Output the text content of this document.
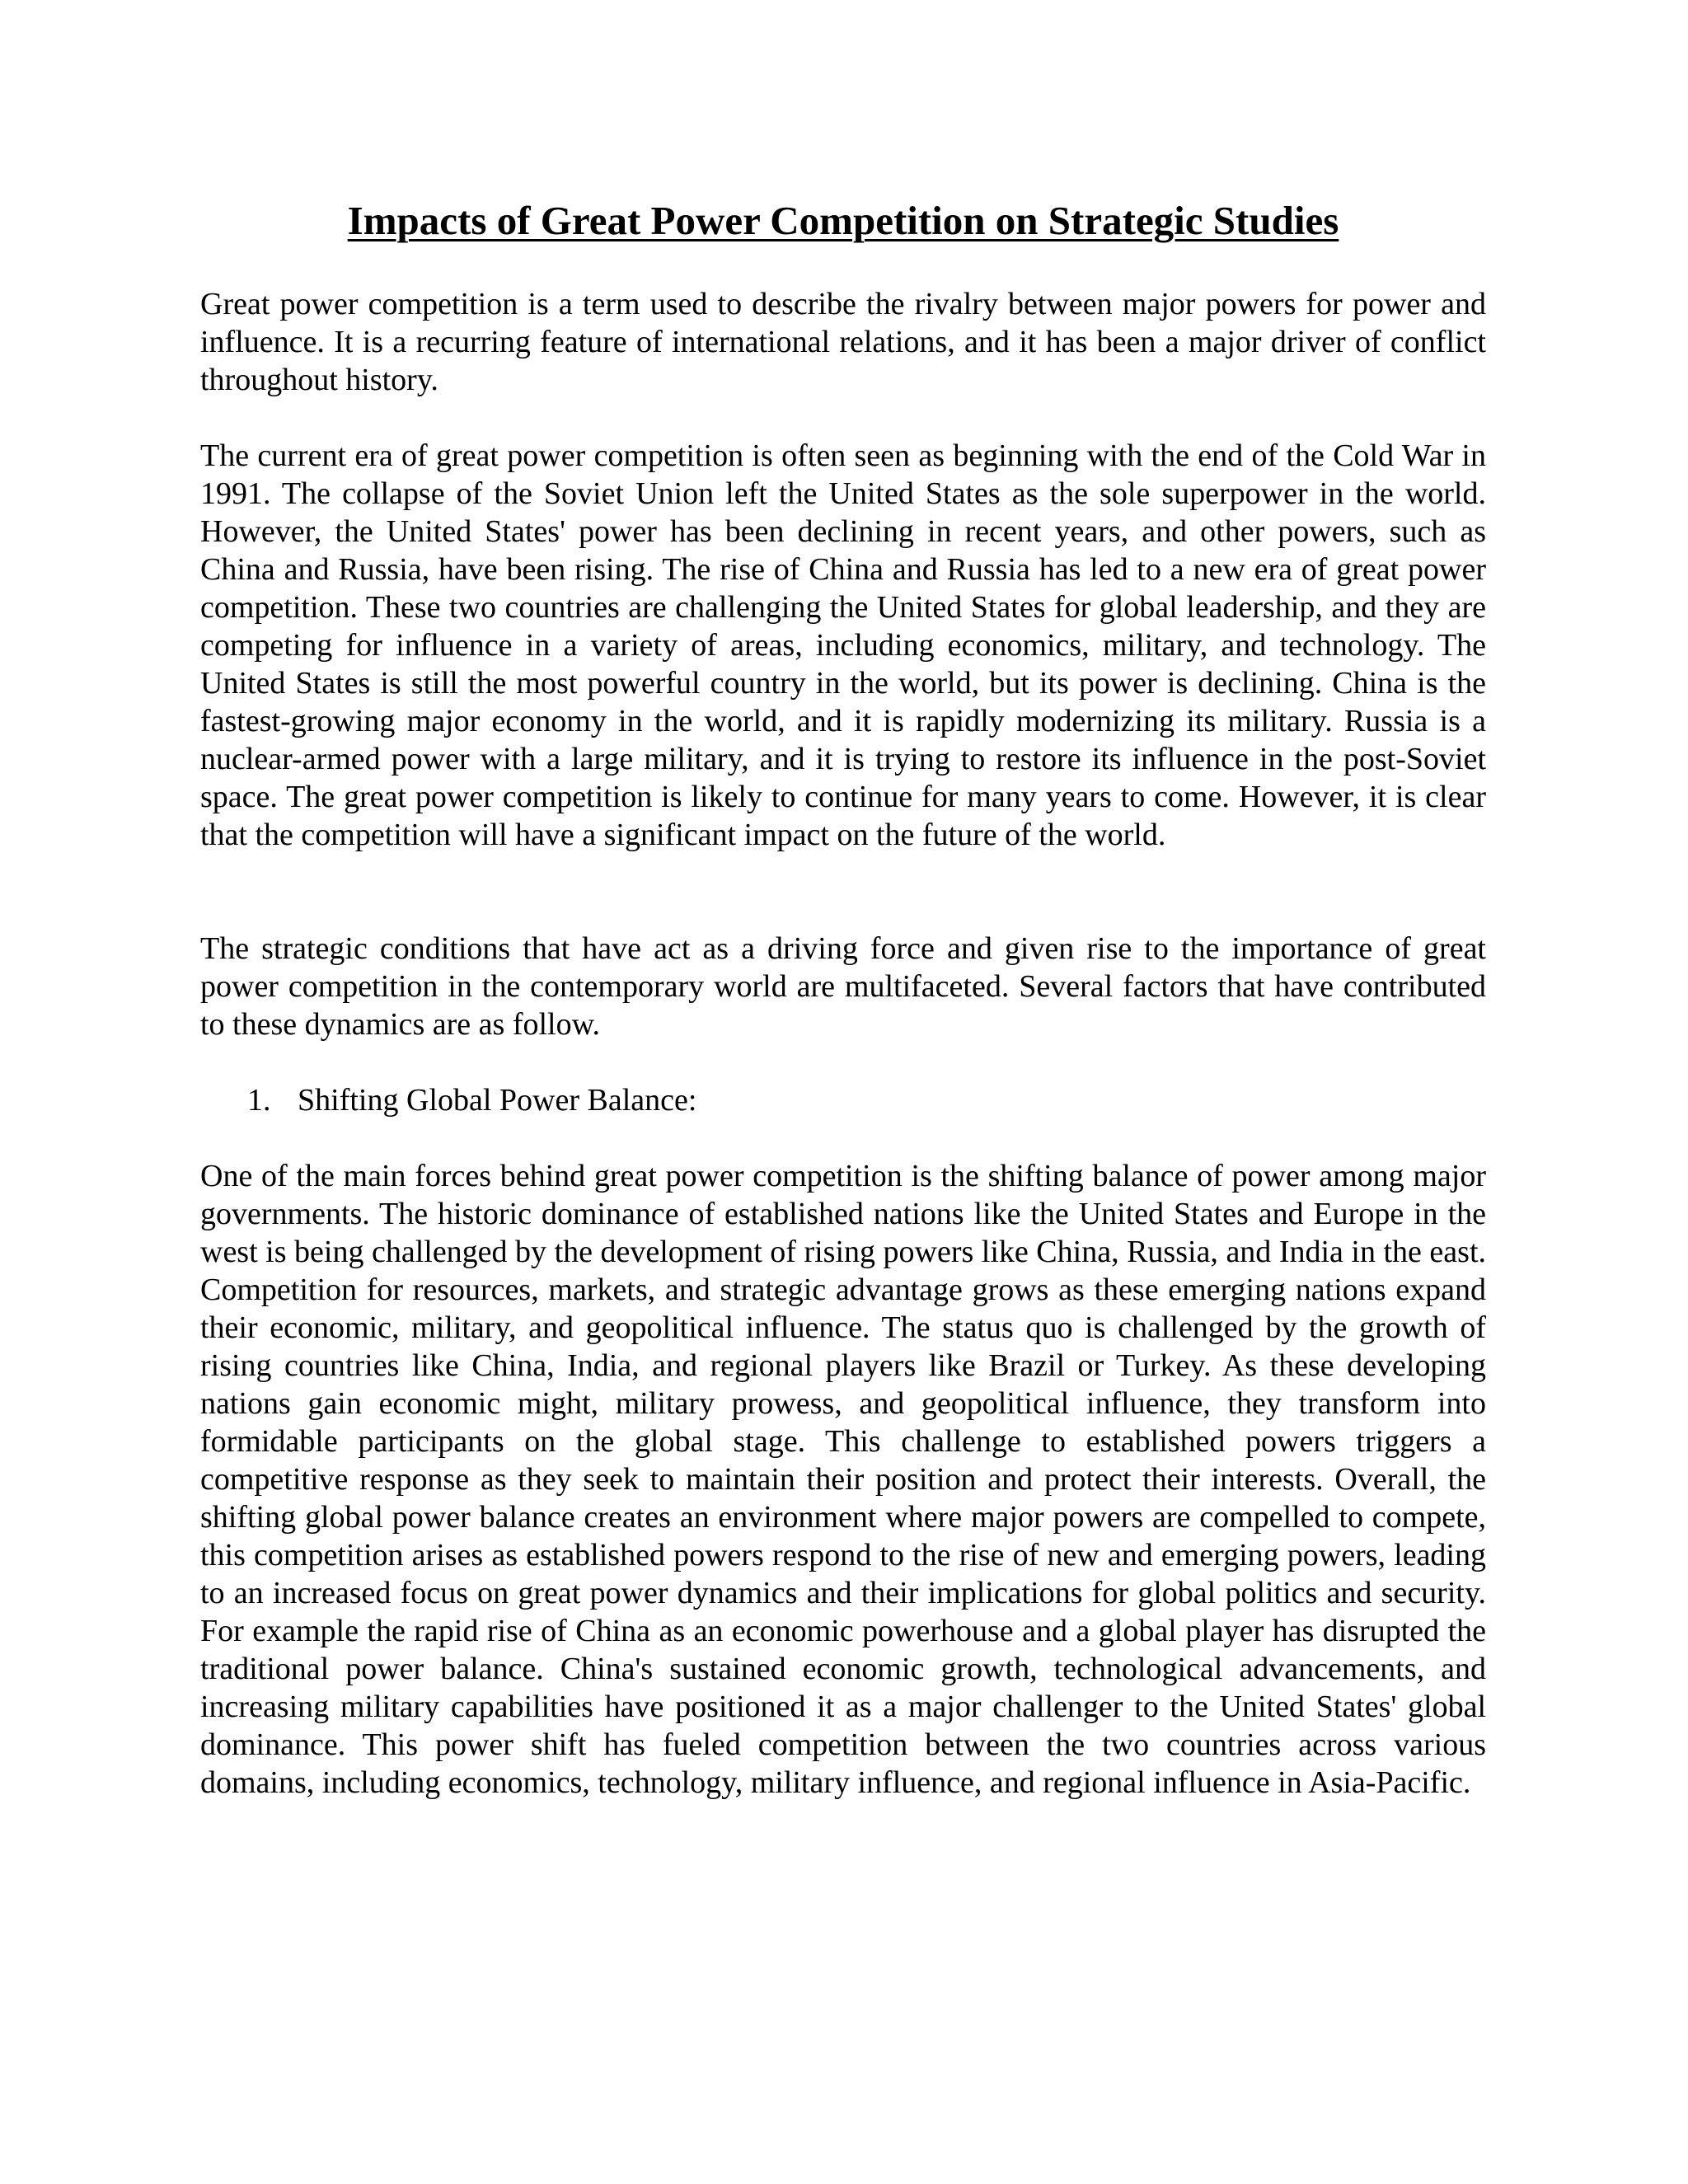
Impacts of Great Power Competition on Strategic Studies

Great power competition is a term used to describe the rivalry between major powers for power and influence. It is a recurring feature of international relations, and it has been a major driver of conflict throughout history.

The current era of great power competition is often seen as beginning with the end of the Cold War in 1991. The collapse of the Soviet Union left the United States as the sole superpower in the world. However, the United States' power has been declining in recent years, and other powers, such as China and Russia, have been rising. The rise of China and Russia has led to a new era of great power competition. These two countries are challenging the United States for global leadership, and they are competing for influence in a variety of areas, including economics, military, and technology. The United States is still the most powerful country in the world, but its power is declining. China is the fastest-growing major economy in the world, and it is rapidly modernizing its military. Russia is a nuclear-armed power with a large military, and it is trying to restore its influence in the post-Soviet space. The great power competition is likely to continue for many years to come. However, it is clear that the competition will have a significant impact on the future of the world.

The strategic conditions that have act as a driving force and given rise to the importance of great power competition in the contemporary world are multifaceted. Several factors that have contributed to these dynamics are as follow.

1. Shifting Global Power Balance:

One of the main forces behind great power competition is the shifting balance of power among major governments. The historic dominance of established nations like the United States and Europe in the west is being challenged by the development of rising powers like China, Russia, and India in the east. Competition for resources, markets, and strategic advantage grows as these emerging nations expand their economic, military, and geopolitical influence. The status quo is challenged by the growth of rising countries like China, India, and regional players like Brazil or Turkey. As these developing nations gain economic might, military prowess, and geopolitical influence, they transform into formidable participants on the global stage. This challenge to established powers triggers a competitive response as they seek to maintain their position and protect their interests. Overall, the shifting global power balance creates an environment where major powers are compelled to compete, this competition arises as established powers respond to the rise of new and emerging powers, leading to an increased focus on great power dynamics and their implications for global politics and security. For example the rapid rise of China as an economic powerhouse and a global player has disrupted the traditional power balance. China's sustained economic growth, technological advancements, and increasing military capabilities have positioned it as a major challenger to the United States' global dominance. This power shift has fueled competition between the two countries across various domains, including economics, technology, military influence, and regional influence in Asia-Pacific.
